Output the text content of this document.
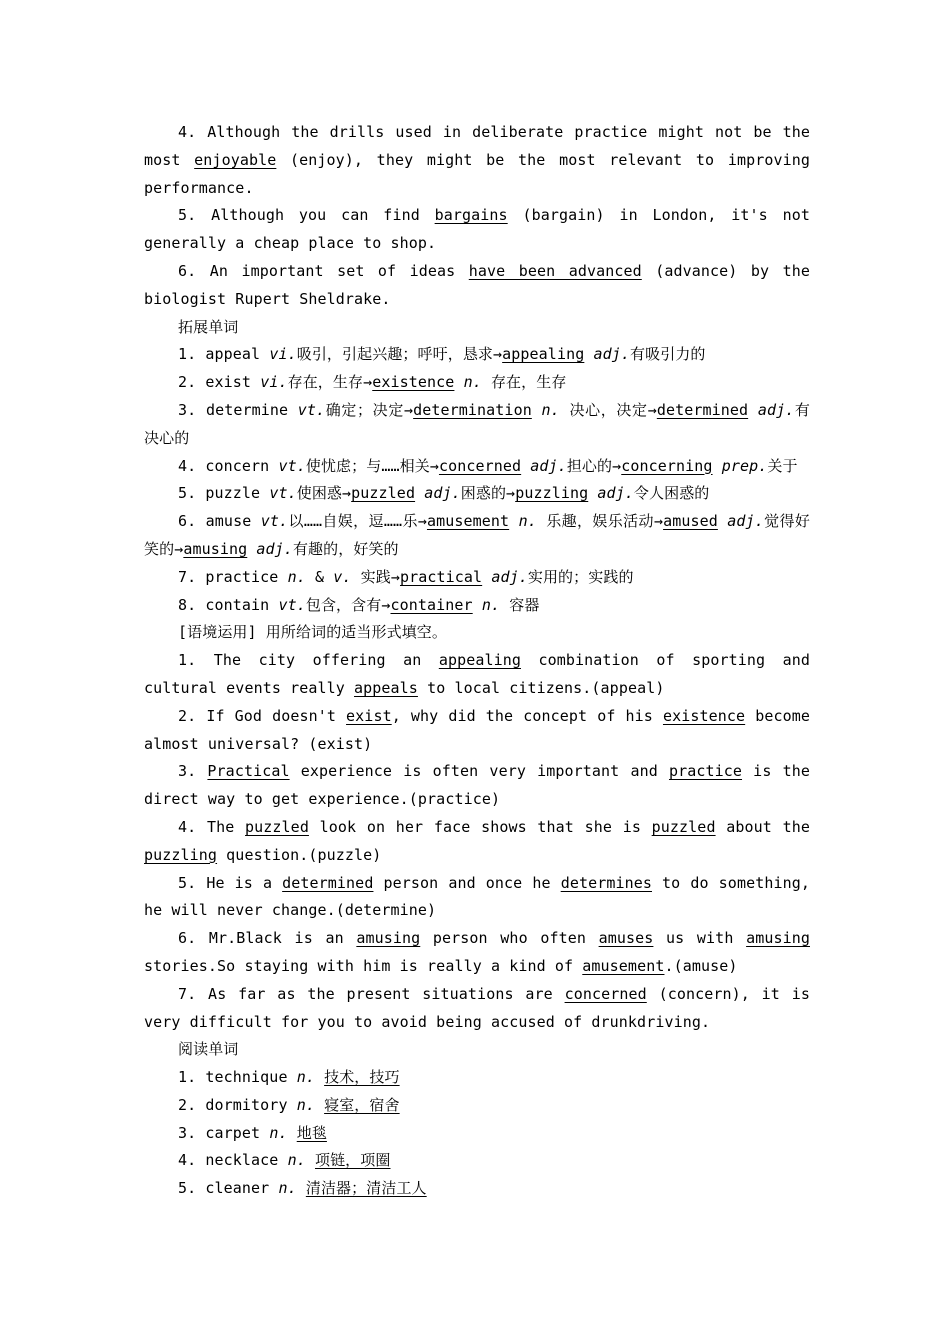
4. Although the drills used in deliberate practice might not be the most enjoyable (enjoy), they might be the most relevant to improving performance.

5. Although you can find bargains (bargain) in London, it's not generally a cheap place to shop.

6. An important set of ideas have been advanced (advance) by the biologist Rupert Sheldrake.

拓展单词

1. appeal vi.吸引，引起兴趣；呼吁，恳求→appealing adj.有吸引力的

2. exist vi.存在，生存→existence n. 存在，生存

3. determine vt.确定；决定→determination n. 决心，决定→determined adj.有决心的

4. concern vt.使忧虑；与……相关→concerned adj.担心的→concerning prep.关于

5. puzzle vt.使困惑→puzzled adj.困惑的→puzzling adj.令人困惑的

6. amuse vt.以……自娱，逗……乐→amusement n. 乐趣，娱乐活动→amused adj.觉得好笑的→amusing adj.有趣的，好笑的

7. practice n. & v. 实践→practical adj.实用的；实践的

8. contain vt.包含，含有→container n. 容器

[语境运用] 用所给词的适当形式填空。

1. The city offering an appealing combination of sporting and cultural events really appeals to local citizens.(appeal)

2. If God doesn't exist, why did the concept of his existence become almost universal? (exist)

3. Practical experience is often very important and practice is the direct way to get experience.(practice)

4. The puzzled look on her face shows that she is puzzled about the puzzling question.(puzzle)

5. He is a determined person and once he determines to do something, he will never change.(determine)

6. Mr.Black is an amusing person who often amuses us with amusing stories.So staying with him is really a kind of amusement.(amuse)

7. As far as the present situations are concerned (concern), it is very difficult for you to avoid being accused of drunkdriving.

阅读单词

1. technique n. 技术，技巧

2. dormitory n. 寝室，宿舍

3. carpet n. 地毯

4. necklace n. 项链，项圈

5. cleaner n. 清洁器；清洁工人
